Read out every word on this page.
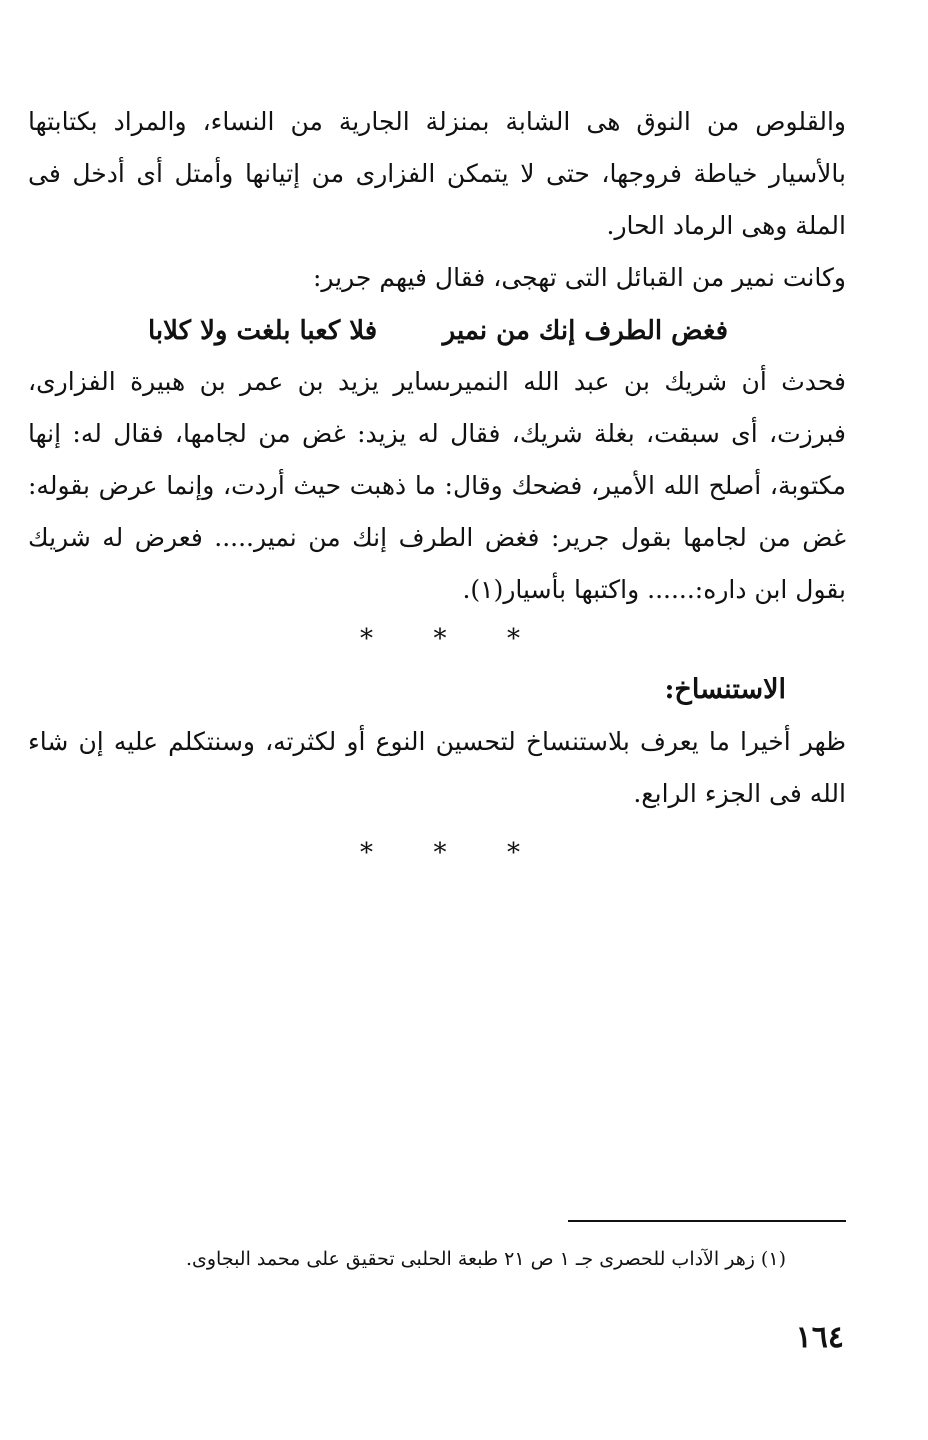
والقلوص من النوق هى الشابة بمنزلة الجارية من النساء، والمراد بكتابتها بالأسيار خياطة فروجها، حتى لا يتمكن الفزارى من إتيانها وأمتل أى أدخل فى الملة وهى الرماد الحار.

وكانت نمير من القبائل التى تهجى، فقال فيهم جرير:

فغض الطرف إنك من نمير
فلا كعبا بلغت ولا كلابا

فحدث أن شريك بن عبد الله النميرىساير يزيد بن عمر بن هبيرة الفزارى، فبرزت، أى سبقت، بغلة شريك، فقال له يزيد: غض من لجامها، فقال له: إنها مكتوبة، أصلح الله الأمير، فضحك وقال: ما ذهبت حيث أردت، وإنما عرض بقوله: غض من لجامها بقول جرير: فغض الطرف إنك من نمير..... فعرض له شريك بقول ابن داره:...... واكتبها بأسيار(١).

* * *
الاستنساخ:

ظهر أخيرا ما يعرف بلاستنساخ لتحسين النوع أو لكثرته، وسنتكلم عليه إن شاء الله فى الجزء الرابع.

* * *

(١) زهر الآداب للحصرى جـ ١ ص ٢١ طبعة الحلبى تحقيق على محمد البجاوى.

١٦٤
